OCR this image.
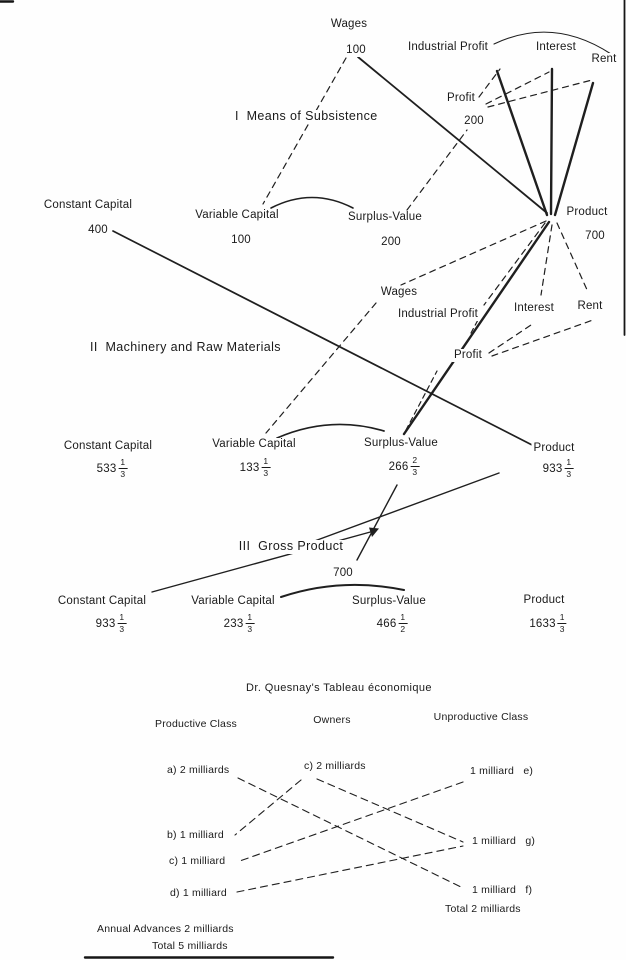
Wages
100	Industrial Profit	Interest
Rent
Profit
200
I  Means of Subsistence
Constant Capital
400
Variable Capital
100
Surplus-Value
200
Product
700
Wages
Industrial Profit	Interest Rent
Profit
II  Machinery and Raw Materials
Constant Capital
$533 \frac{1}{3}$
Variable Capital
$133 \frac{1}{3}$
Surplus-Value
$266 \frac{2}{3}$
Product
$933 \frac{1}{3}$
III  Gross Product
700
Constant Capital
$933 \frac{1}{3}$
Variable Capital
$233 \frac{1}{3}$
Surplus-Value
$466 \frac{1}{2}$
Product
$1633 \frac{1}{3}$
Dr. Quesnay's Tableau économique
Productive Class	Owners	Unproductive Class
a) 2 milliards	c) 2 milliards	1 milliard   e)
b) 1 milliard
c) 1 milliard
d) 1 milliard
1 milliard   g)
1 milliard   f)
Total 2 milliards
Annual Advances 2 milliards
Total 5 milliards
